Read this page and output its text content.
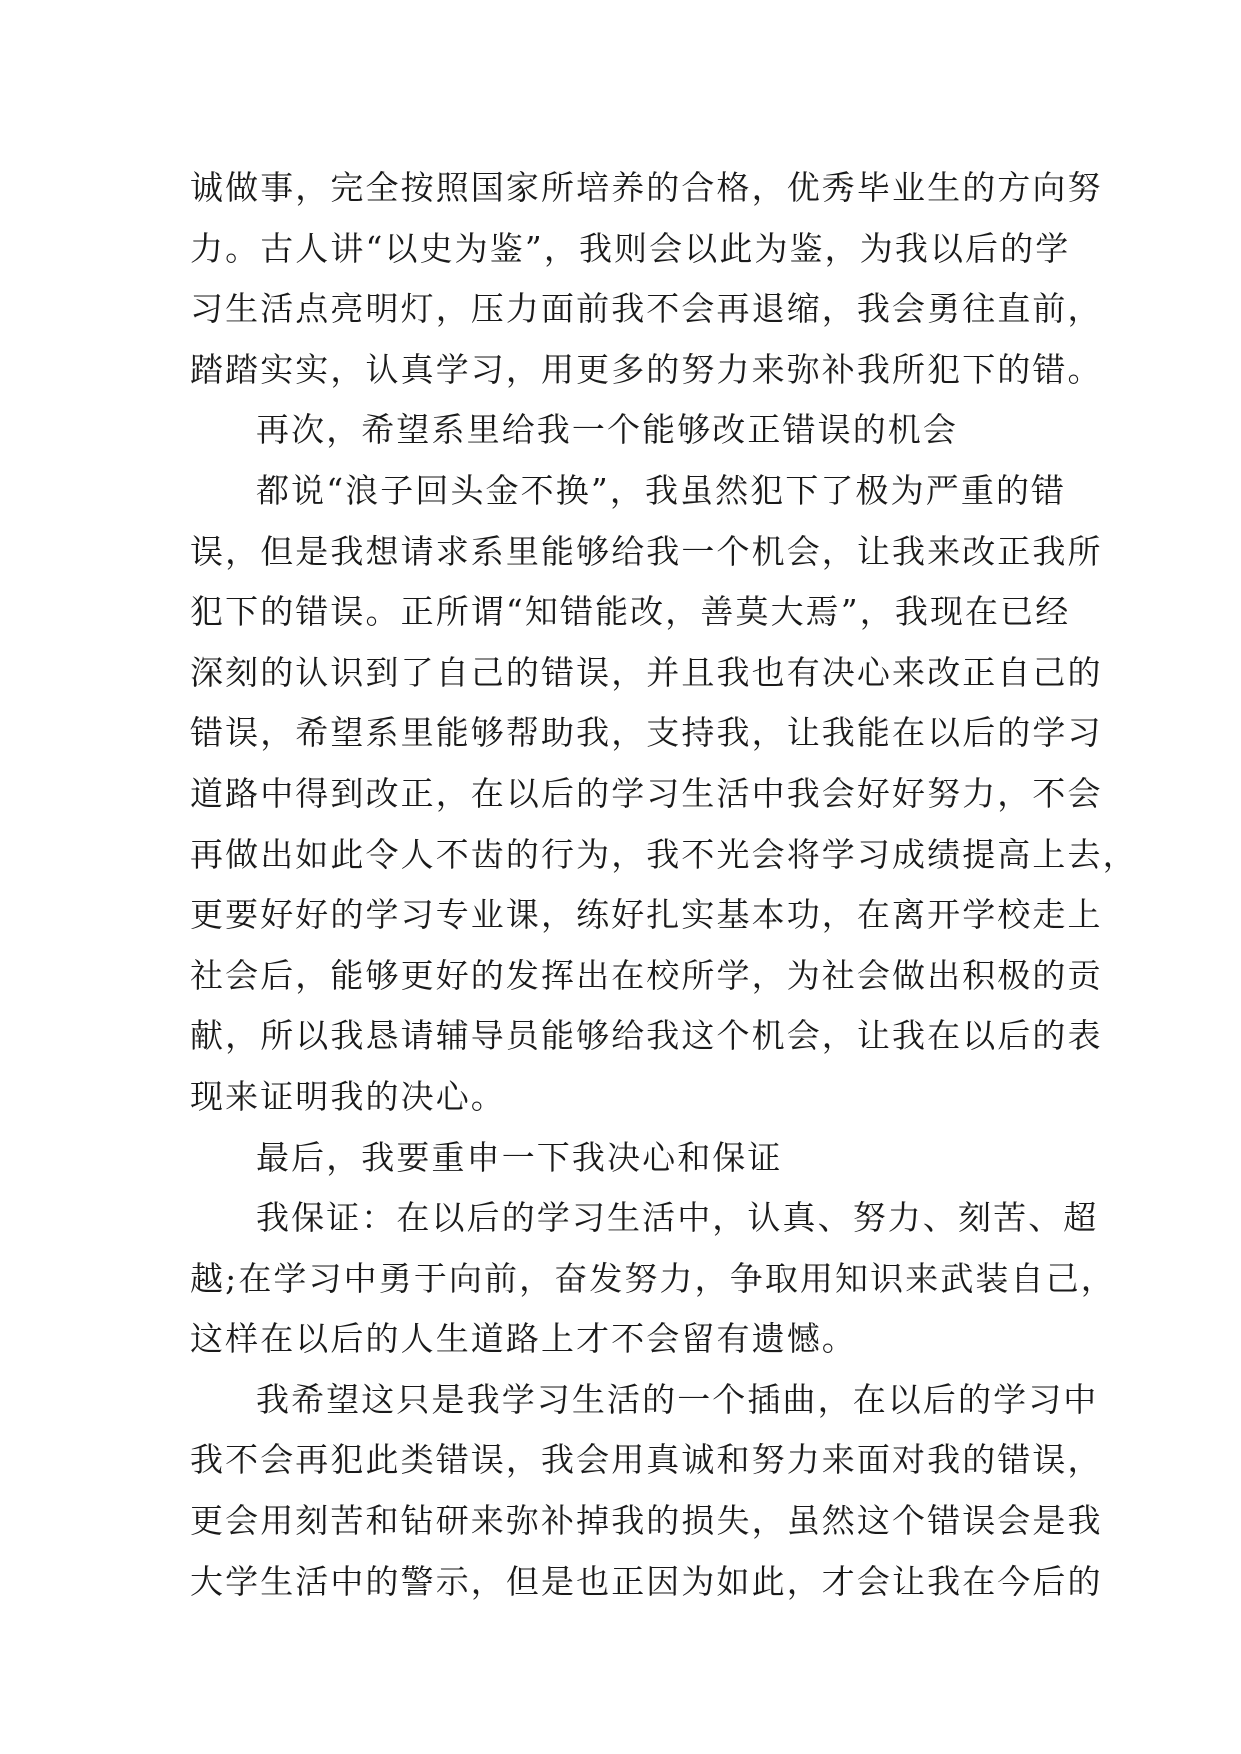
诚做事，完全按照国家所培养的合格，优秀毕业生的方向努
力。古人讲“以史为鉴”，我则会以此为鉴，为我以后的学
习生活点亮明灯，压力面前我不会再退缩，我会勇往直前，
踏踏实实，认真学习，用更多的努力来弥补我所犯下的错。
再次，希望系里给我一个能够改正错误的机会
都说“浪子回头金不换”，我虽然犯下了极为严重的错
误，但是我想请求系里能够给我一个机会，让我来改正我所
犯下的错误。正所谓“知错能改，善莫大焉”，我现在已经
深刻的认识到了自己的错误，并且我也有决心来改正自己的
错误，希望系里能够帮助我，支持我，让我能在以后的学习
道路中得到改正，在以后的学习生活中我会好好努力，不会
再做出如此令人不齿的行为，我不光会将学习成绩提高上去，
更要好好的学习专业课，练好扎实基本功，在离开学校走上
社会后，能够更好的发挥出在校所学，为社会做出积极的贡
献，所以我恳请辅导员能够给我这个机会，让我在以后的表
现来证明我的决心。
最后，我要重申一下我决心和保证
我保证：在以后的学习生活中，认真、努力、刻苦、超
越;在学习中勇于向前，奋发努力，争取用知识来武装自己，
这样在以后的人生道路上才不会留有遗憾。
我希望这只是我学习生活的一个插曲，在以后的学习中
我不会再犯此类错误，我会用真诚和努力来面对我的错误，
更会用刻苦和钻研来弥补掉我的损失，虽然这个错误会是我
大学生活中的警示，但是也正因为如此，才会让我在今后的
